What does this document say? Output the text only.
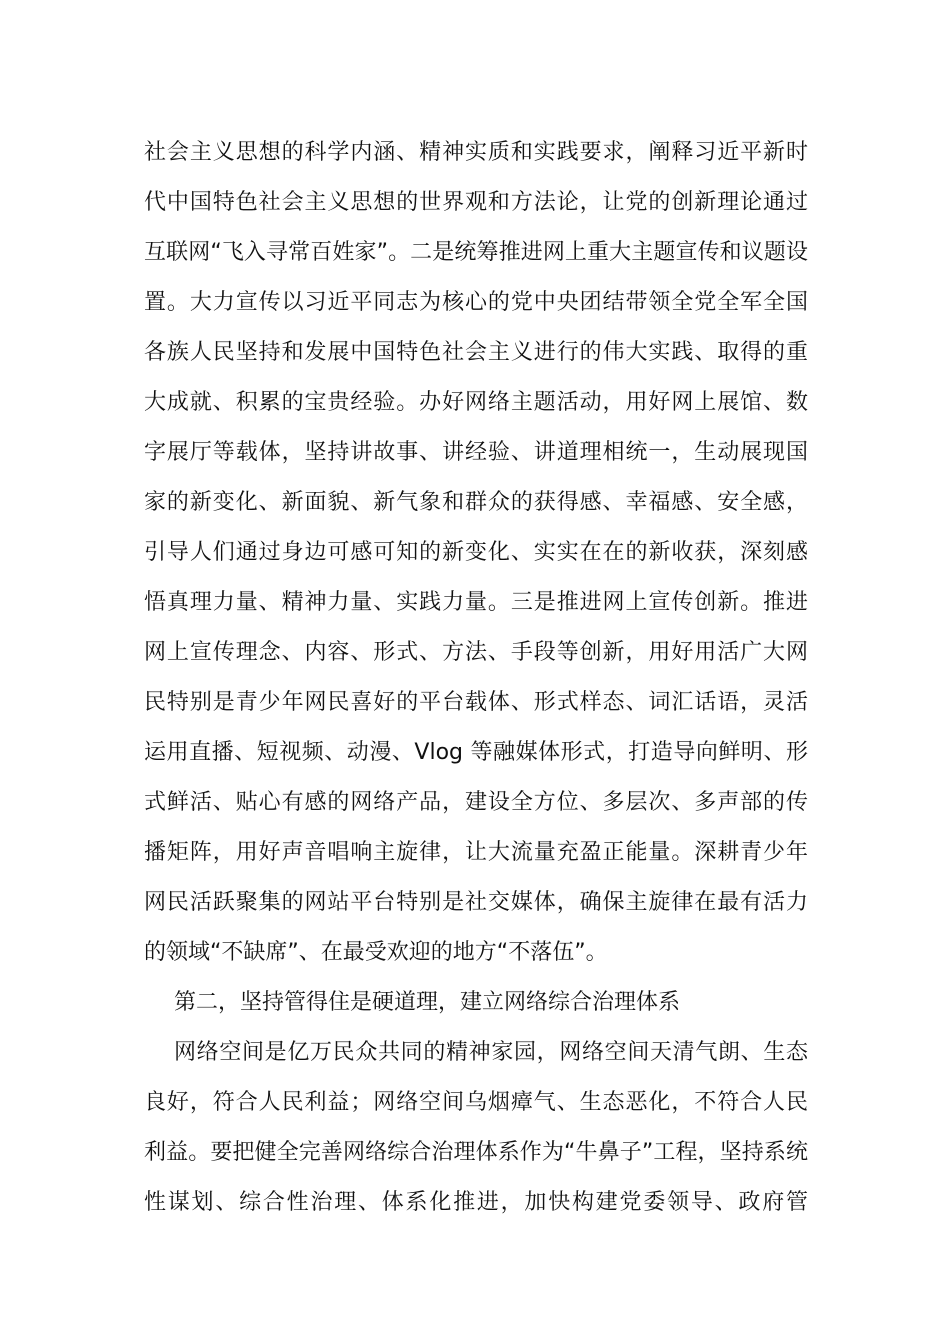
社会主义思想的科学内涵、精神实质和实践要求，阐释习近平新时
代中国特色社会主义思想的世界观和方法论，让党的创新理论通过
互联网“飞入寻常百姓家”。二是统筹推进网上重大主题宣传和议题设
置。大力宣传以习近平同志为核心的党中央团结带领全党全军全国
各族人民坚持和发展中国特色社会主义进行的伟大实践、取得的重
大成就、积累的宝贵经验。办好网络主题活动，用好网上展馆、数
字展厅等载体，坚持讲故事、讲经验、讲道理相统一，生动展现国
家的新变化、新面貌、新气象和群众的获得感、幸福感、安全感，
引导人们通过身边可感可知的新变化、实实在在的新收获，深刻感
悟真理力量、精神力量、实践力量。三是推进网上宣传创新。推进
网上宣传理念、内容、形式、方法、手段等创新，用好用活广大网
民特别是青少年网民喜好的平台载体、形式样态、词汇话语，灵活
运用直播、短视频、动漫、Vlog 等融媒体形式，打造导向鲜明、形
式鲜活、贴心有感的网络产品，建设全方位、多层次、多声部的传
播矩阵，用好声音唱响主旋律，让大流量充盈正能量。深耕青少年
网民活跃聚集的网站平台特别是社交媒体，确保主旋律在最有活力
的领域“不缺席”、在最受欢迎的地方“不落伍”。
第二，坚持管得住是硬道理，建立网络综合治理体系
网络空间是亿万民众共同的精神家园，网络空间天清气朗、生态
良好，符合人民利益；网络空间乌烟瘴气、生态恶化，不符合人民
利益。要把健全完善网络综合治理体系作为“牛鼻子”工程，坚持系统
性谋划、综合性治理、体系化推进，加快构建党委领导、政府管
